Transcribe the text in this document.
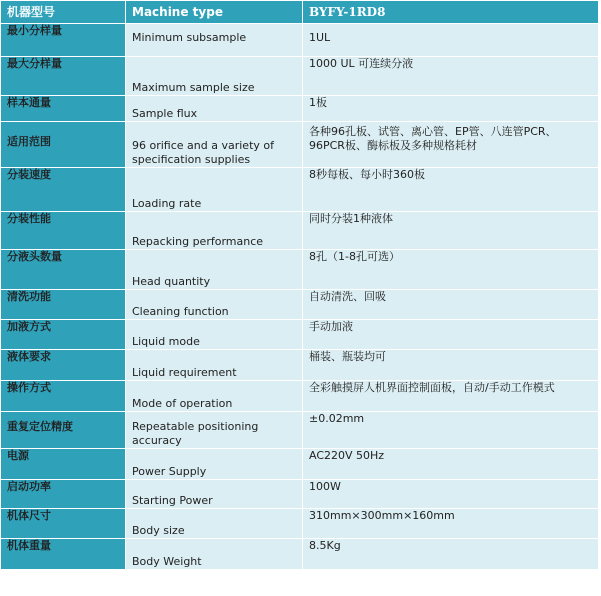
机器型号	Machine type	BYFY-1RD8
最小分样量	Minimum subsample	1UL
最大分样量	Maximum sample size	1000 UL 可连续分液
样本通量	Sample flux	1板
适用范围	96 orifice and a variety of specification supplies	各种96孔板、试管、离心管、EP管、八连管PCR、96PCR板、酶标板及多种规格耗材
分装速度	Loading rate	8秒每板、每小时360板
分装性能	Repacking performance	同时分装1种液体
分液头数量	Head quantity	8孔（1-8孔可选）
清洗功能	Cleaning function	自动清洗、回吸
加液方式	Liquid mode	手动加液
液体要求	Liquid requirement	桶装、瓶装均可
操作方式	Mode of operation	全彩触摸屏人机界面控制面板，自动/手动工作模式
重复定位精度	Repeatable positioning accuracy	±0.02mm
电源	Power Supply	AC220V 50Hz
启动功率	Starting Power	100W
机体尺寸	Body size	310mm×300mm×160mm
机体重量	Body Weight	8.5Kg
